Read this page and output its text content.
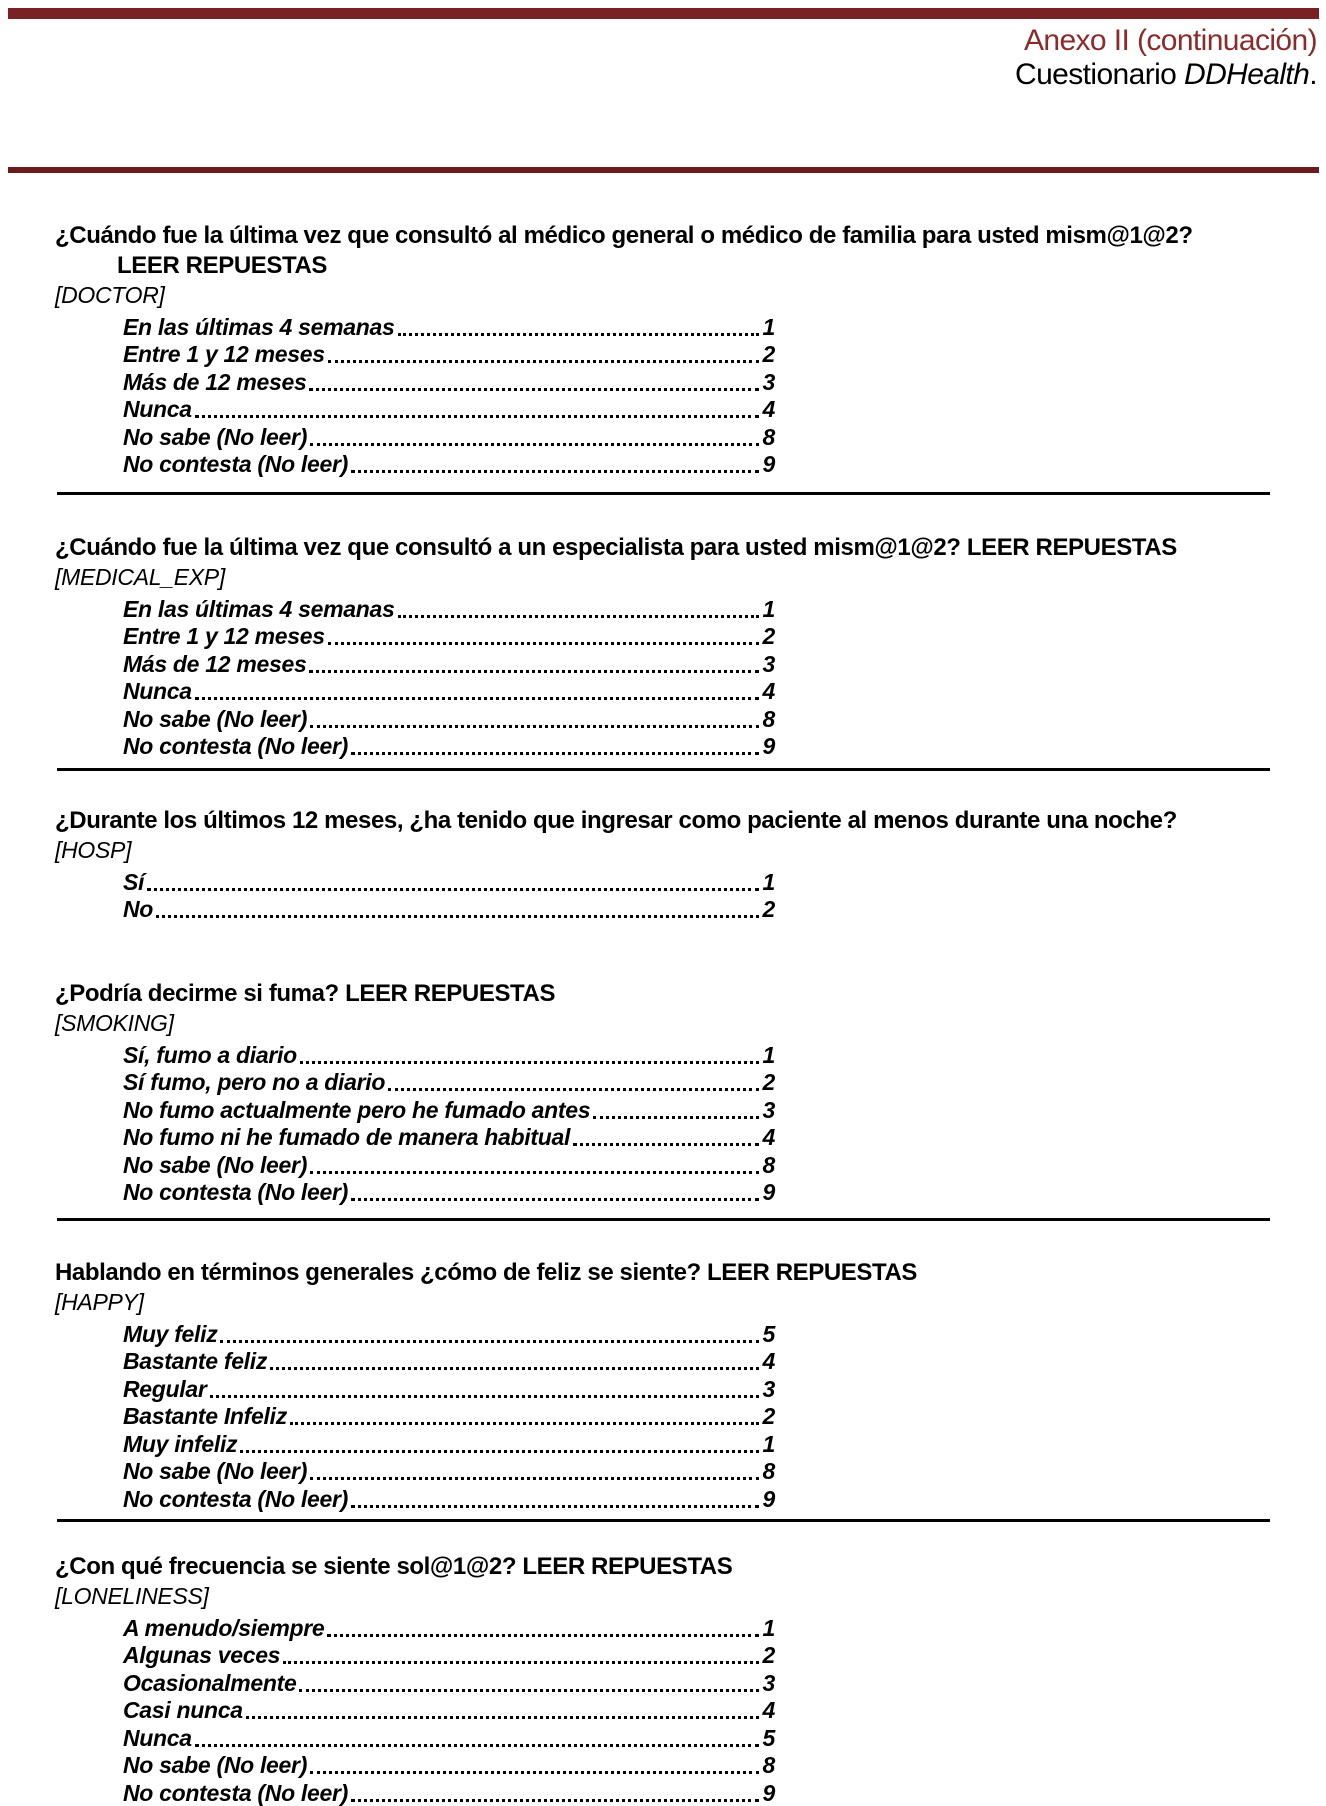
Anexo II (continuación)
Cuestionario DDHealth.
¿Cuándo fue la última vez que consultó al médico general o médico de familia para usted mism@1@2?
LEER REPUESTAS
[DOCTOR]
En las últimas 4 semanas	1
Entre 1 y 12 meses	2
Más de 12 meses	3
Nunca	4
No sabe (No leer)	8
No contesta (No leer)	9
¿Cuándo fue la última vez que consultó a un especialista para usted mism@1@2? LEER REPUESTAS
[MEDICAL_EXP]
En las últimas 4 semanas	1
Entre 1 y 12 meses	2
Más de 12 meses	3
Nunca	4
No sabe (No leer)	8
No contesta (No leer)	9
¿Durante los últimos 12 meses, ¿ha tenido que ingresar como paciente al menos durante una noche?
[HOSP]
Sí	1
No	2
¿Podría decirme si fuma? LEER REPUESTAS
[SMOKING]
Sí, fumo a diario	1
Sí fumo, pero no a diario	2
No fumo actualmente pero he fumado antes	3
No fumo ni he fumado de manera habitual	4
No sabe (No leer)	8
No contesta (No leer)	9
Hablando en términos generales ¿cómo de feliz se siente? LEER REPUESTAS
[HAPPY]
Muy feliz	5
Bastante feliz	4
Regular	3
Bastante Infeliz	2
Muy infeliz	1
No sabe (No leer)	8
No contesta (No leer)	9
¿Con qué frecuencia se siente sol@1@2? LEER REPUESTAS
[LONELINESS]
A menudo/siempre	1
Algunas veces	2
Ocasionalmente	3
Casi nunca	4
Nunca	5
No sabe (No leer)	8
No contesta (No leer)	9
